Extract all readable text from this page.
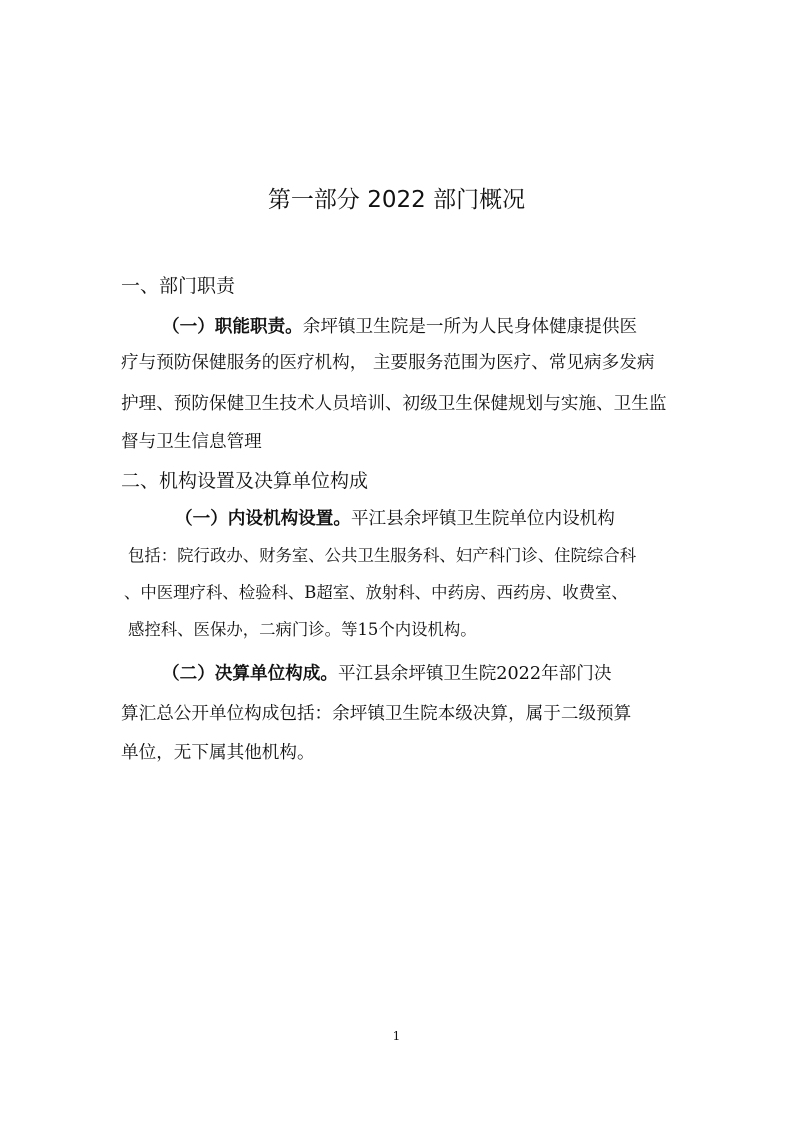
第一部分 2022 部门概况
一、部门职责
（一）职能职责。余坪镇卫生院是一所为人民身体健康提供医
疗与预防保健服务的医疗机构， 主要服务范围为医疗、常见病多发病
护理、预防保健卫生技术人员培训、初级卫生保健规划与实施、卫生监
督与卫生信息管理
二、机构设置及决算单位构成
（一）内设机构设置。平江县余坪镇卫生院单位内设机构
包括：院行政办、财务室、公共卫生服务科、妇产科门诊、住院综合科
、中医理疗科、检验科、B超室、放射科、中药房、西药房、收费室、
感控科、医保办，二病门诊。等15个内设机构。
（二）决算单位构成。平江县余坪镇卫生院2022年部门决
算汇总公开单位构成包括：余坪镇卫生院本级决算，属于二级预算
单位，无下属其他机构。
1
